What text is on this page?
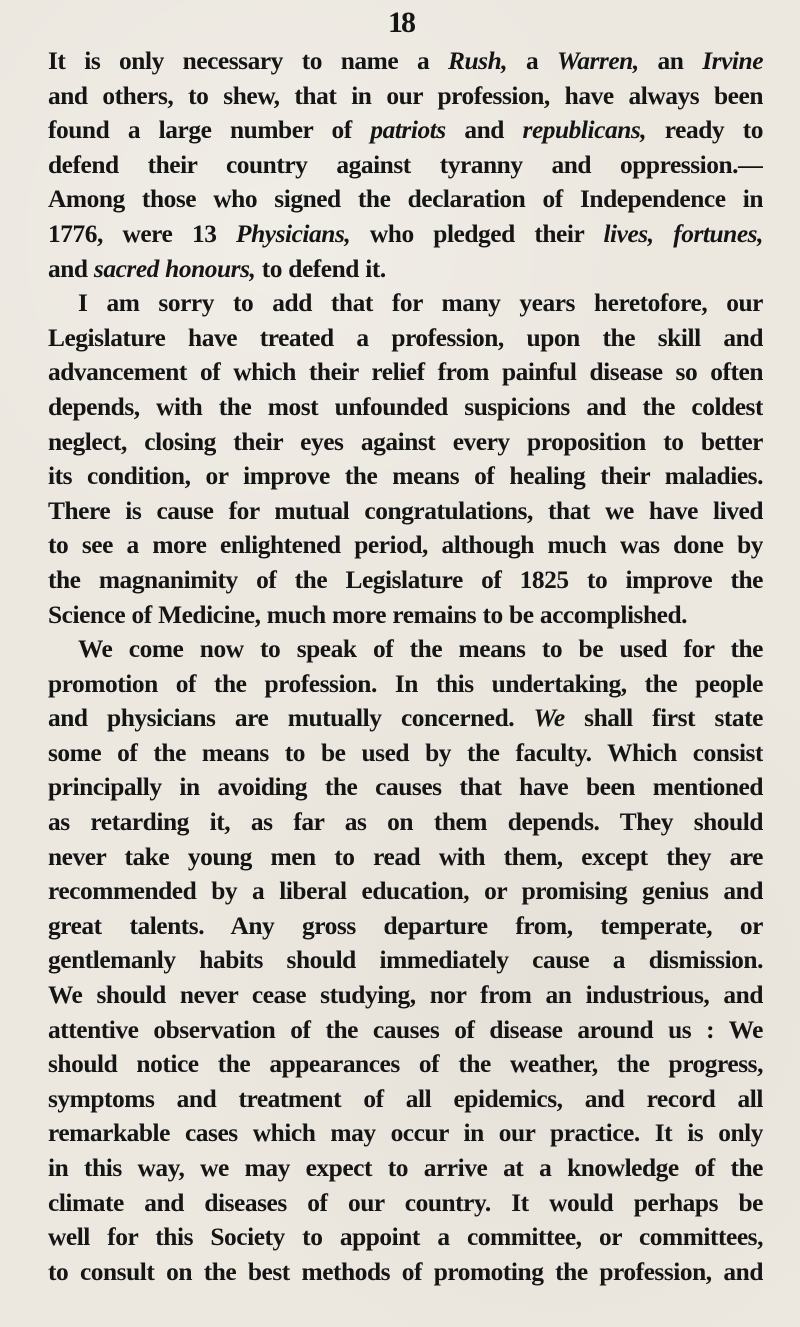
18

It is only necessary to name a Rush, a Warren, an Irvine
and others, to shew, that in our profession, have always been
found a large number of patriots and republicans, ready to
defend their country against tyranny and oppression.—
Among those who signed the declaration of Independence in
1776, were 13 Physicians, who pledged their lives, fortunes,
and sacred honours, to defend it.
I am sorry to add that for many years heretofore, our
Legislature have treated a profession, upon the skill and
advancement of which their relief from painful disease so often
depends, with the most unfounded suspicions and the coldest
neglect, closing their eyes against every proposition to better
its condition, or improve the means of healing their maladies.
There is cause for mutual congratulations, that we have lived
to see a more enlightened period, although much was done by
the magnanimity of the Legislature of 1825 to improve the
Science of Medicine, much more remains to be accomplished.
We come now to speak of the means to be used for the
promotion of the profession. In this undertaking, the people
and physicians are mutually concerned. We shall first state
some of the means to be used by the faculty. Which consist
principally in avoiding the causes that have been mentioned
as retarding it, as far as on them depends. They should
never take young men to read with them, except they are
recommended by a liberal education, or promising genius and
great talents. Any gross departure from, temperate, or
gentlemanly habits should immediately cause a dismission.
We should never cease studying, nor from an industrious, and
attentive observation of the causes of disease around us : We
should notice the appearances of the weather, the progress,
symptoms and treatment of all epidemics, and record all
remarkable cases which may occur in our practice. It is only
in this way, we may expect to arrive at a knowledge of the
climate and diseases of our country. It would perhaps be
well for this Society to appoint a committee, or committees,
to consult on the best methods of promoting the profession, and
